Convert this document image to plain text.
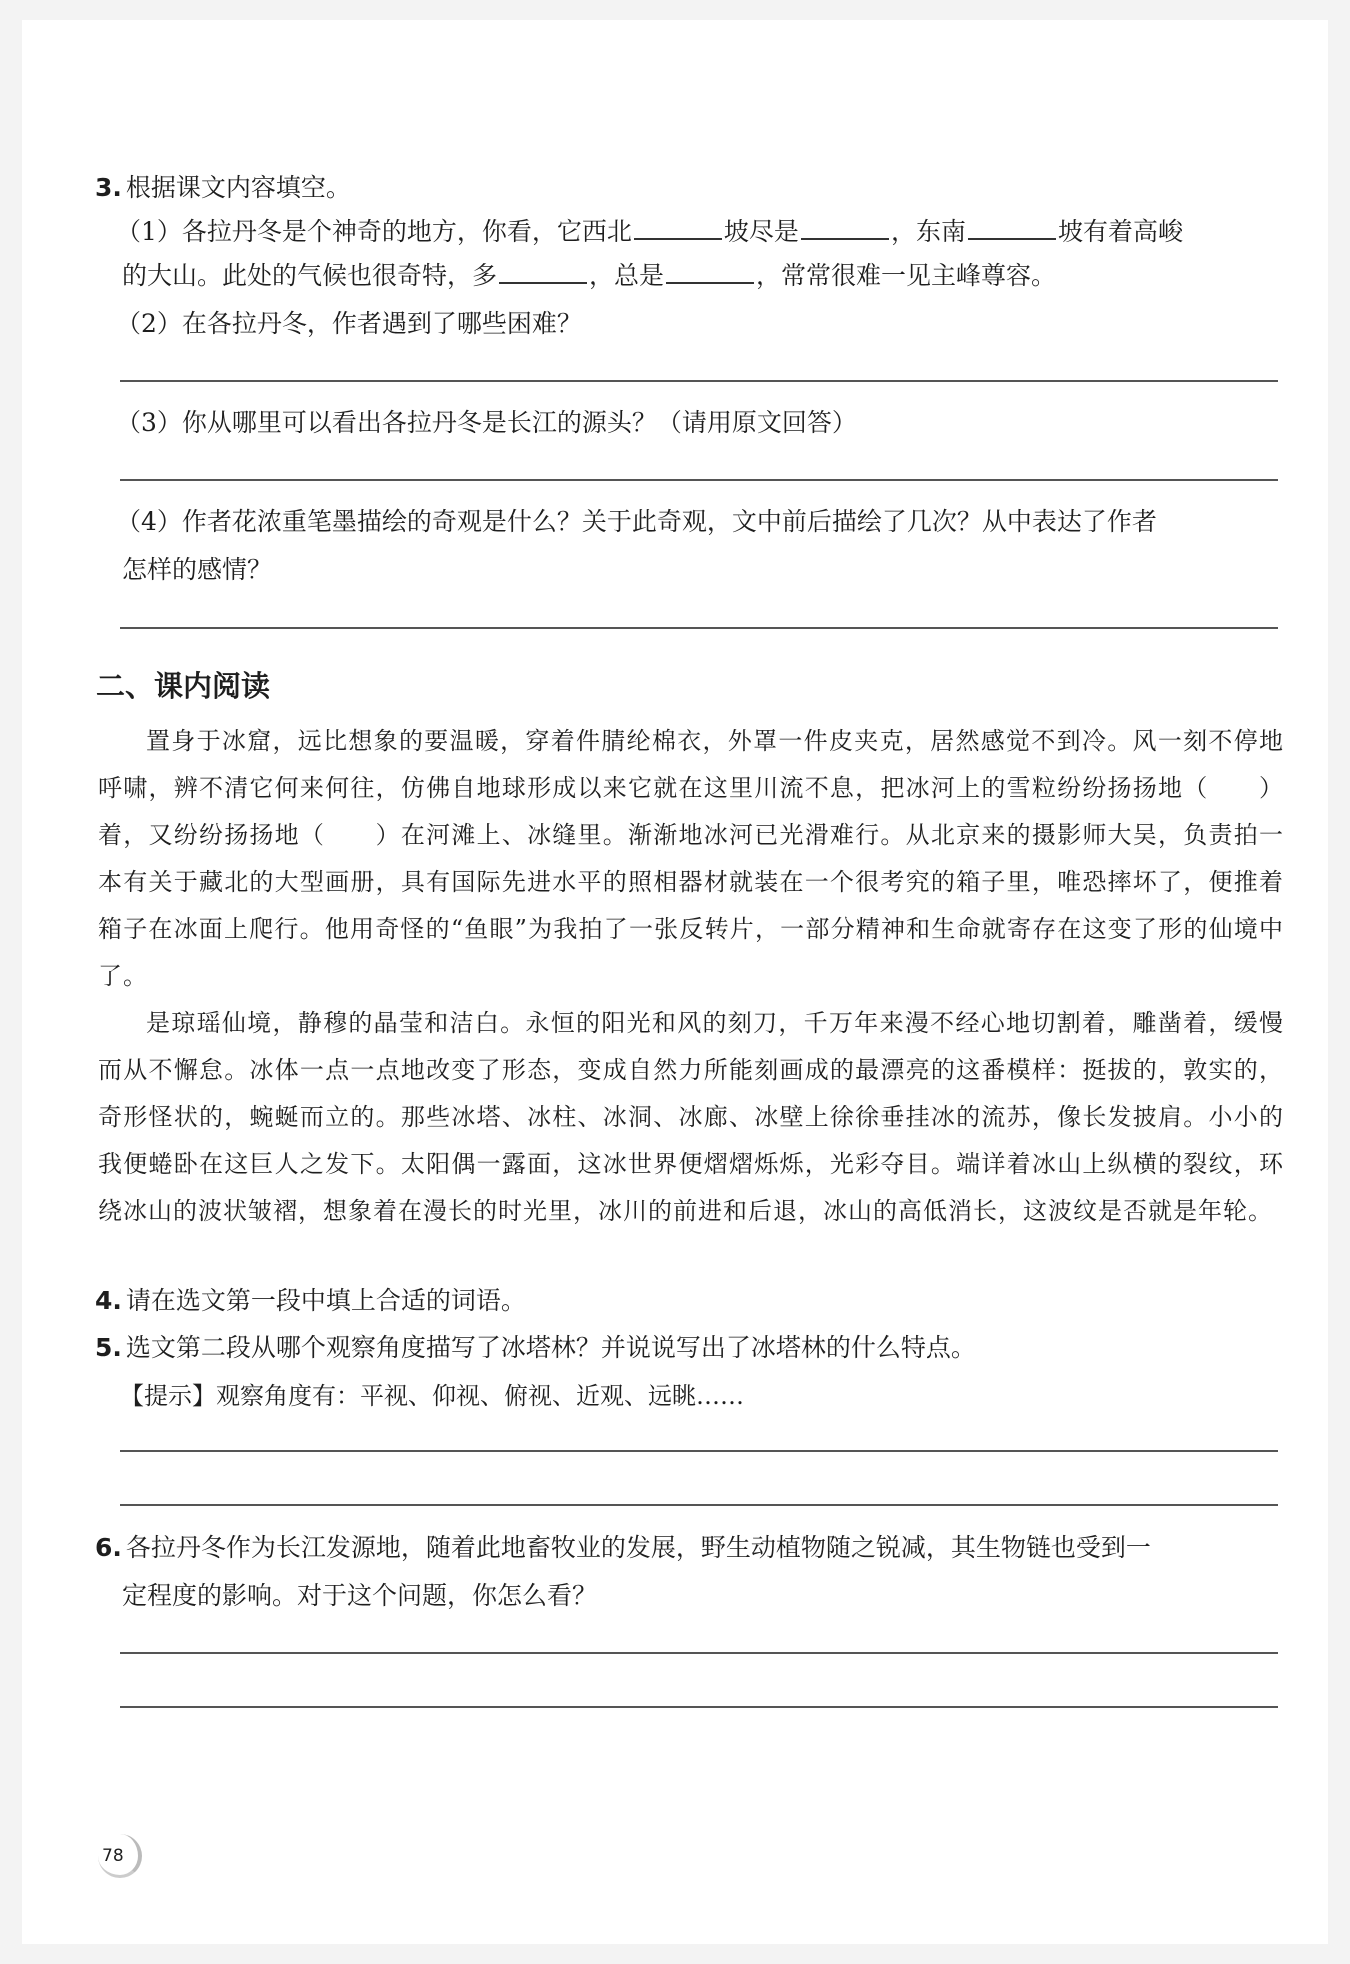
3. 根据课文内容填空。
（1）各拉丹冬是个神奇的地方，你看，它西北	坡尽是	，东南	坡有着高峻
的大山。此处的气候也很奇特，多	，总是	，常常很难一见主峰尊容。
（2）在各拉丹冬，作者遇到了哪些困难？
（3）你从哪里可以看出各拉丹冬是长江的源头？（请用原文回答）
（4）作者花浓重笔墨描绘的奇观是什么？关于此奇观，文中前后描绘了几次？从中表达了作者
怎样的感情？
二、课内阅读

置身于冰窟，远比想象的要温暖，穿着件腈纶棉衣，外罩一件皮夹克，居然感觉不到冷。风一刻不停地呼啸，辨不清它何来何往，仿佛自地球形成以来它就在这里川流不息，把冰河上的雪粒纷纷扬扬地（　　）着，又纷纷扬扬地（　　）在河滩上、冰缝里。渐渐地冰河已光滑难行。从北京来的摄影师大吴，负责拍一本有关于藏北的大型画册，具有国际先进水平的照相器材就装在一个很考究的箱子里，唯恐摔坏了，便推着箱子在冰面上爬行。他用奇怪的“鱼眼”为我拍了一张反转片，一部分精神和生命就寄存在这变了形的仙境中了。

是琼瑶仙境，静穆的晶莹和洁白。永恒的阳光和风的刻刀，千万年来漫不经心地切割着，雕凿着，缓慢而从不懈怠。冰体一点一点地改变了形态，变成自然力所能刻画成的最漂亮的这番模样：挺拔的，敦实的，奇形怪状的，蜿蜒而立的。那些冰塔、冰柱、冰洞、冰廊、冰壁上徐徐垂挂冰的流苏，像长发披肩。小小的我便蜷卧在这巨人之发下。太阳偶一露面，这冰世界便熠熠烁烁，光彩夺目。端详着冰山上纵横的裂纹，环绕冰山的波状皱褶，想象着在漫长的时光里，冰川的前进和后退，冰山的高低消长，这波纹是否就是年轮。

4. 请在选文第一段中填上合适的词语。
5. 选文第二段从哪个观察角度描写了冰塔林？并说说写出了冰塔林的什么特点。
【提示】观察角度有：平视、仰视、俯视、近观、远眺……
6. 各拉丹冬作为长江发源地，随着此地畜牧业的发展，野生动植物随之锐减，其生物链也受到一
定程度的影响。对于这个问题，你怎么看？
78
